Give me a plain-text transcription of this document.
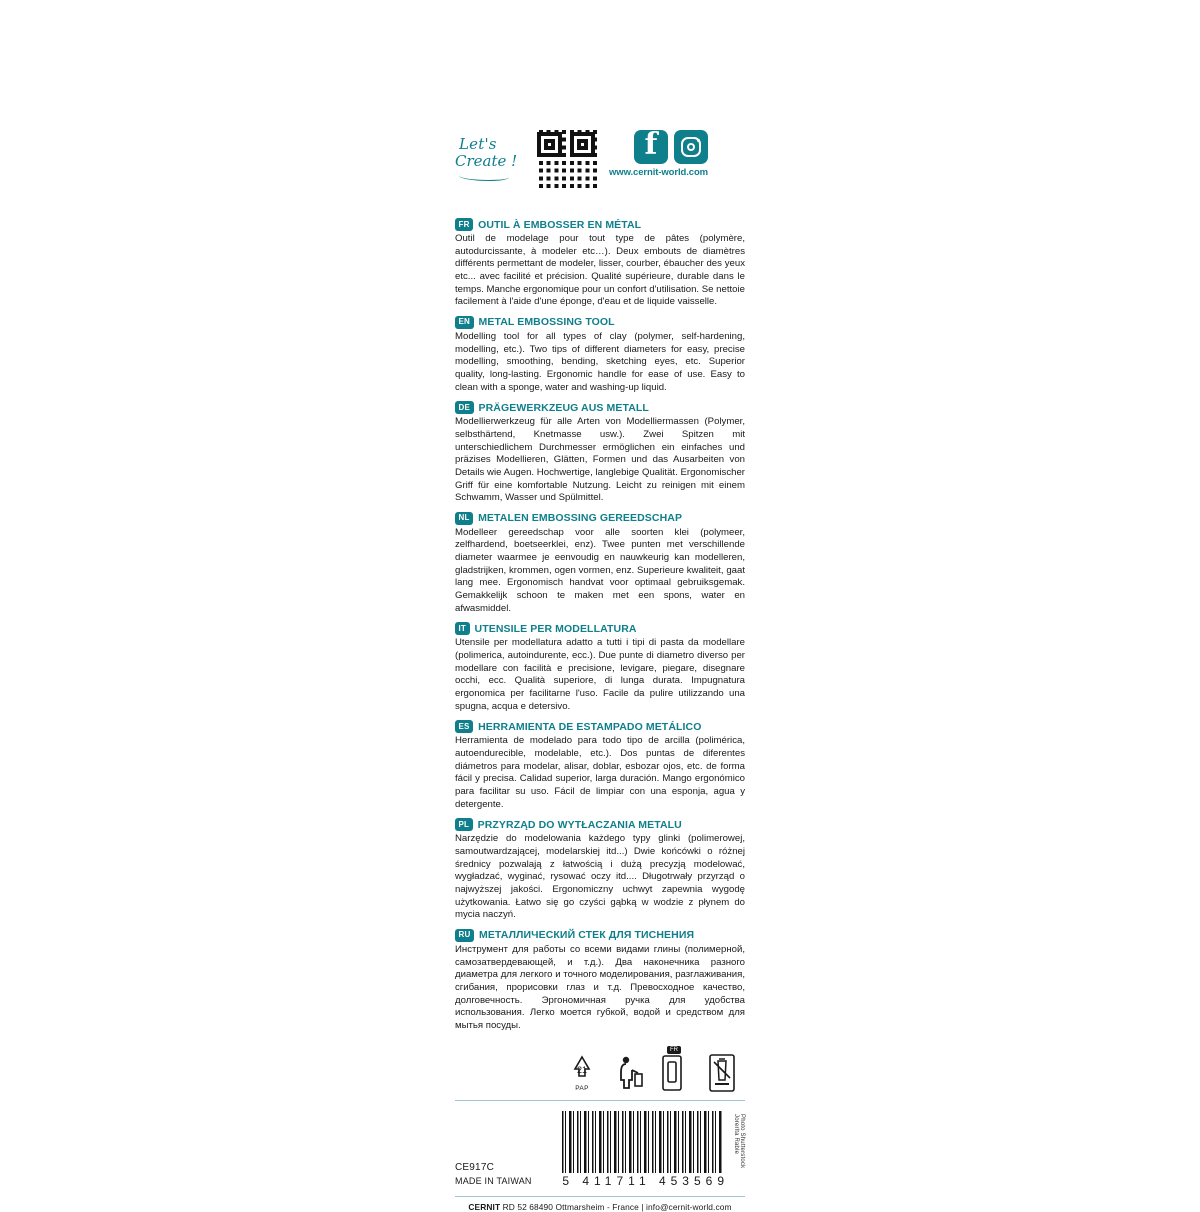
Let's
Create !
f
www.cernit-world.com
FR OUTIL À EMBOSSER EN MÉTAL
Outil de modelage pour tout type de pâtes (polymère, autodurcissante, à modeler etc…). Deux embouts de diamètres différents permettant de modeler, lisser, courber, ébaucher des yeux etc... avec facilité et précision. Qualité supérieure, durable dans le temps. Manche ergonomique pour un confort d'utilisation. Se nettoie facilement à l'aide d'une éponge, d'eau et de liquide vaisselle.
EN METAL EMBOSSING TOOL
Modelling tool for all types of clay (polymer, self-hardening, modelling, etc.). Two tips of different diameters for easy, precise modelling, smoothing, bending, sketching eyes, etc. Superior quality, long-lasting. Ergonomic handle for ease of use. Easy to clean with a sponge, water and washing-up liquid.
DE PRÄGEWERKZEUG AUS METALL
Modellierwerkzeug für alle Arten von Modelliermassen (Polymer, selbsthärtend, Knetmasse usw.). Zwei Spitzen mit unterschiedlichem Durchmesser ermöglichen ein einfaches und präzises Modellieren, Glätten, Formen und das Ausarbeiten von Details wie Augen. Hochwertige, langlebige Qualität. Ergonomischer Griff für eine komfortable Nutzung. Leicht zu reinigen mit einem Schwamm, Wasser und Spülmittel.
NL METALEN EMBOSSING GEREEDSCHAP
Modelleer gereedschap voor alle soorten klei (polymeer, zelfhardend, boetseerklei, enz). Twee punten met verschillende diameter waarmee je eenvoudig en nauwkeurig kan modelleren, gladstrijken, krommen, ogen vormen, enz. Superieure kwaliteit, gaat lang mee. Ergonomisch handvat voor optimaal gebruiksgemak. Gemakkelijk schoon te maken met een spons, water en afwasmiddel.
IT UTENSILE PER MODELLATURA
Utensile per modellatura adatto a tutti i tipi di pasta da modellare (polimerica, autoindurente, ecc.). Due punte di diametro diverso per modellare con facilità e precisione, levigare, piegare, disegnare occhi, ecc. Qualità superiore, di lunga durata. Impugnatura ergonomica per facilitarne l'uso. Facile da pulire utilizzando una spugna, acqua e detersivo.
ES HERRAMIENTA DE ESTAMPADO METÁLICO
Herramienta de modelado para todo tipo de arcilla (polimérica, autoendurecible, modelable, etc.). Dos puntas de diferentes diámetros para modelar, alisar, doblar, esbozar ojos, etc. de forma fácil y precisa. Calidad superior, larga duración. Mango ergonómico para facilitar su uso. Fácil de limpiar con una esponja, agua y detergente.
PL PRZYRZĄD DO WYTŁACZANIA METALU
Narzędzie do modelowania każdego typy glinki (polimerowej, samoutwardzającej, modelarskiej itd...) Dwie końcówki o różnej średnicy pozwalają z łatwością i dużą precyzją modelować, wygładzać, wyginać, rysować oczy itd.... Długotrwały przyrząd o najwyższej jakości. Ergonomiczny uchwyt zapewnia wygodę użytkowania. Łatwo się go czyści gąbką w wodzie z płynem do mycia naczyń.
RU МЕТАЛЛИЧЕСКИЙ СТЕК ДЛЯ ТИСНЕНИЯ
Инструмент для работы со всеми видами глины (полимерной, самозатвердевающей, и т.д.). Два наконечника разного диаметра для легкого и точного моделирования, разглаживания, сгибания, прорисовки глаз и т.д. Превосходное качество, долговечность. Эргономичная ручка для удобства использования. Легко моется губкой, водой и средством для мытья посуды.
21
PAP
FR
CE917C
MADE IN TAIWAN	5 411711 453569
Photo Shutterstock Jorerlta Rable
CERNIT RD 52 68490 Ottmarsheim - France | info@cernit-world.com
